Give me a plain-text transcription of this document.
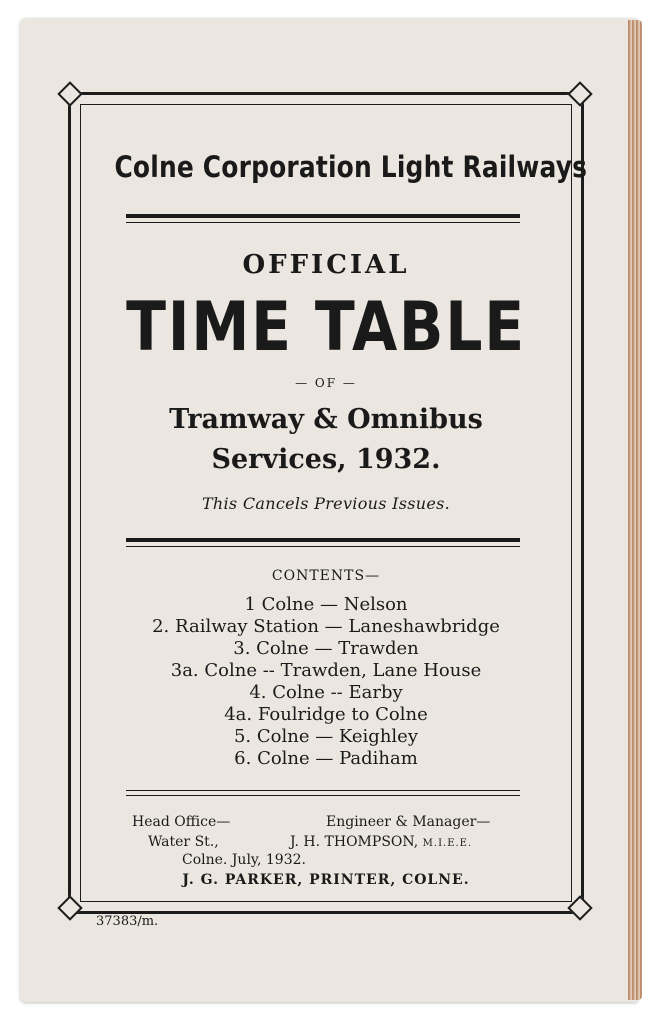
Colne Corporation Light Railways

OFFICIAL

TIME TABLE

— OF —

Tramway & Omnibus

Services, 1932.

This Cancels Previous Issues.

CONTENTS—

1 Colne — Nelson
2. Railway Station — Laneshawbridge
3. Colne — Trawden
3a. Colne -- Trawden, Lane House
4. Colne -- Earby
4a. Foulridge to Colne
5. Colne — Keighley
6. Colne — Padiham

Head Office—

Water St.,

Colne. July, 1932.

Engineer & Manager—

J. H. THOMPSON, M.I.E.E.

J. G. PARKER, PRINTER, COLNE.

37383/m.
